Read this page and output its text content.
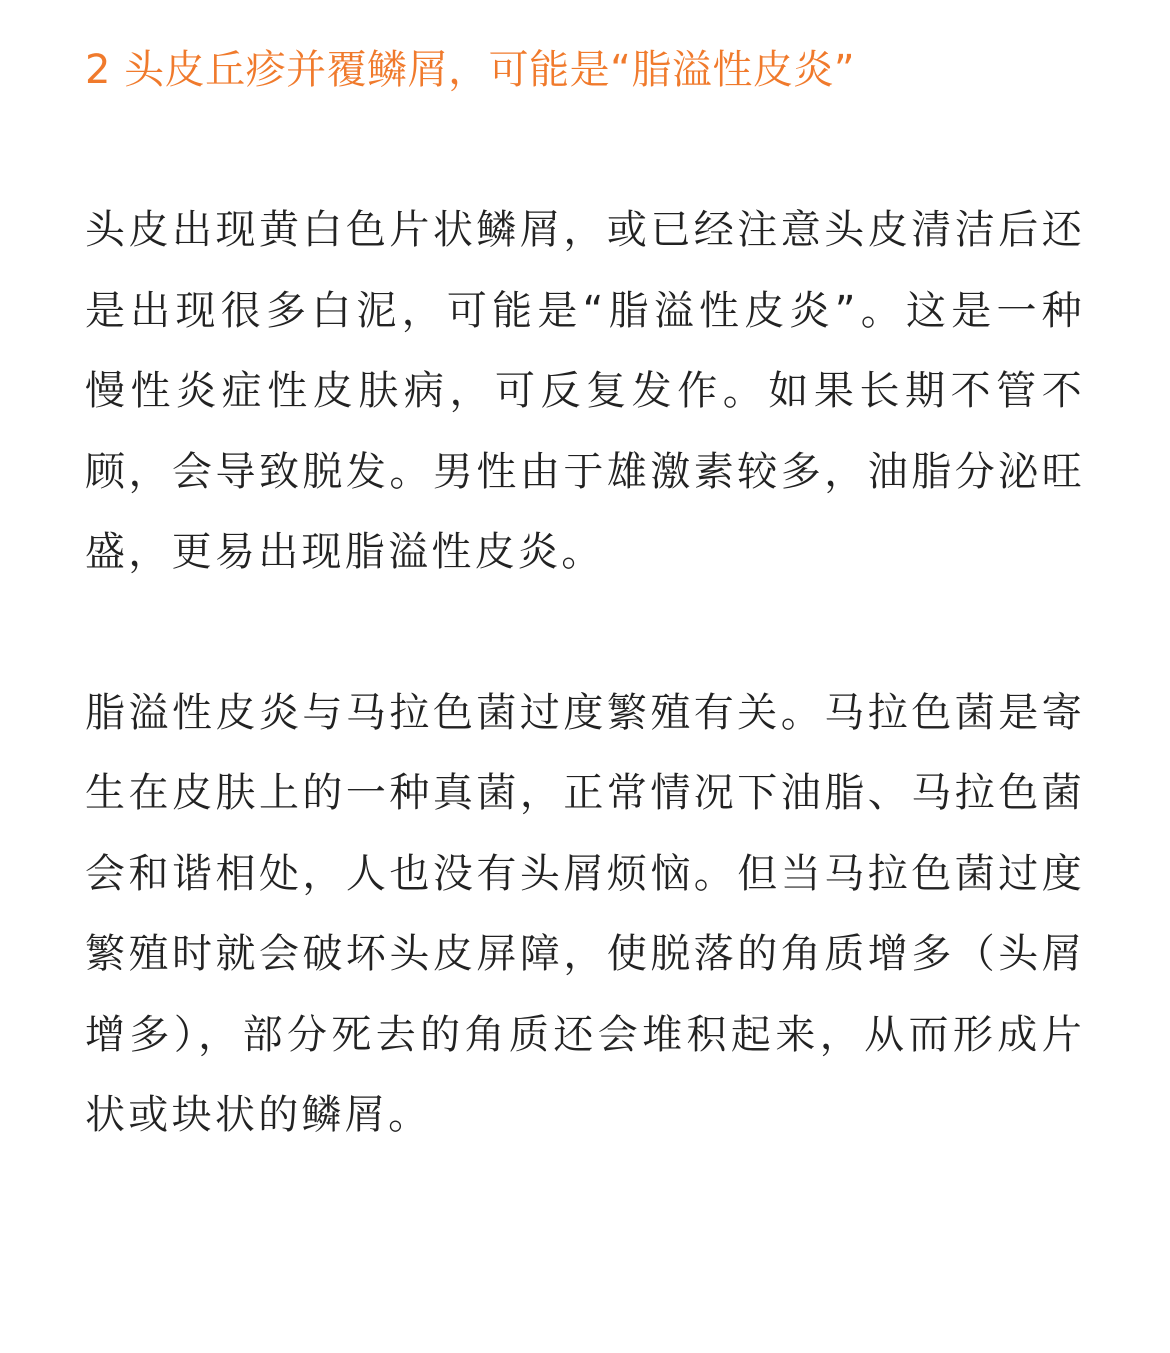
2 头皮丘疹并覆鳞屑，可能是“脂溢性皮炎”

头皮出现黄白色片状鳞屑，或已经注意头皮清洁后还是出现很多白泥，可能是“脂溢性皮炎”。这是一种慢性炎症性皮肤病，可反复发作。如果长期不管不顾，会导致脱发。男性由于雄激素较多，油脂分泌旺盛，更易出现脂溢性皮炎。

脂溢性皮炎与马拉色菌过度繁殖有关。马拉色菌是寄生在皮肤上的一种真菌，正常情况下油脂、马拉色菌会和谐相处，人也没有头屑烦恼。但当马拉色菌过度繁殖时就会破坏头皮屏障，使脱落的角质增多（头屑增多），部分死去的角质还会堆积起来，从而形成片状或块状的鳞屑。
